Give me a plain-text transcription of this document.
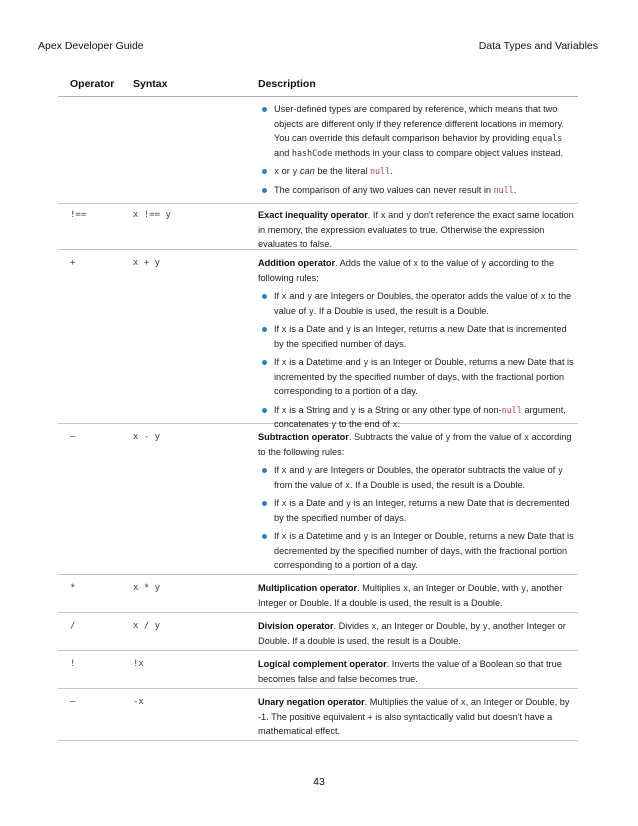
Apex Developer Guide	Data Types and Variables
Operator Syntax	Description
User-defined types are compared by reference, which means that two objects are different only if they reference different locations in memory. You can override this default comparison behavior by providing equals and hashCode methods in your class to compare object values instead.
x or y can be the literal null.
The comparison of any two values can never result in null.
!==	x !== y	Exact inequality operator. If x and y don't reference the exact same location in memory, the expression evaluates to true. Otherwise the expression evaluates to false.

+	x + y	Addition operator. Adds the value of x to the value of y according to the following rules:

If x and y are Integers or Doubles, the operator adds the value of x to the value of y. If a Double is used, the result is a Double.
If x is a Date and y is an Integer, returns a new Date that is incremented by the specified number of days.
If x is a Datetime and y is an Integer or Double, returns a new Date that is incremented by the specified number of days, with the fractional portion corresponding to a portion of a day.
If x is a String and y is a String or any other type of non-null argument, concatenates y to the end of x.
–	x - y	Subtraction operator. Subtracts the value of y from the value of x according to the following rules:

If x and y are Integers or Doubles, the operator subtracts the value of y from the value of x. If a Double is used, the result is a Double.
If x is a Date and y is an Integer, returns a new Date that is decremented by the specified number of days.
If x is a Datetime and y is an Integer or Double, returns a new Date that is decremented by the specified number of days, with the fractional portion corresponding to a portion of a day.
*	x * y	Multiplication operator. Multiplies x, an Integer or Double, with y, another Integer or Double. If a double is used, the result is a Double.

/	x / y	Division operator. Divides x, an Integer or Double, by y, another Integer or Double. If a double is used, the result is a Double.

!	!x	Logical complement operator. Inverts the value of a Boolean so that true becomes false and false becomes true.

–	-x	Unary negation operator. Multiplies the value of x, an Integer or Double, by -1. The positive equivalent + is also syntactically valid but doesn't have a mathematical effect.

43
